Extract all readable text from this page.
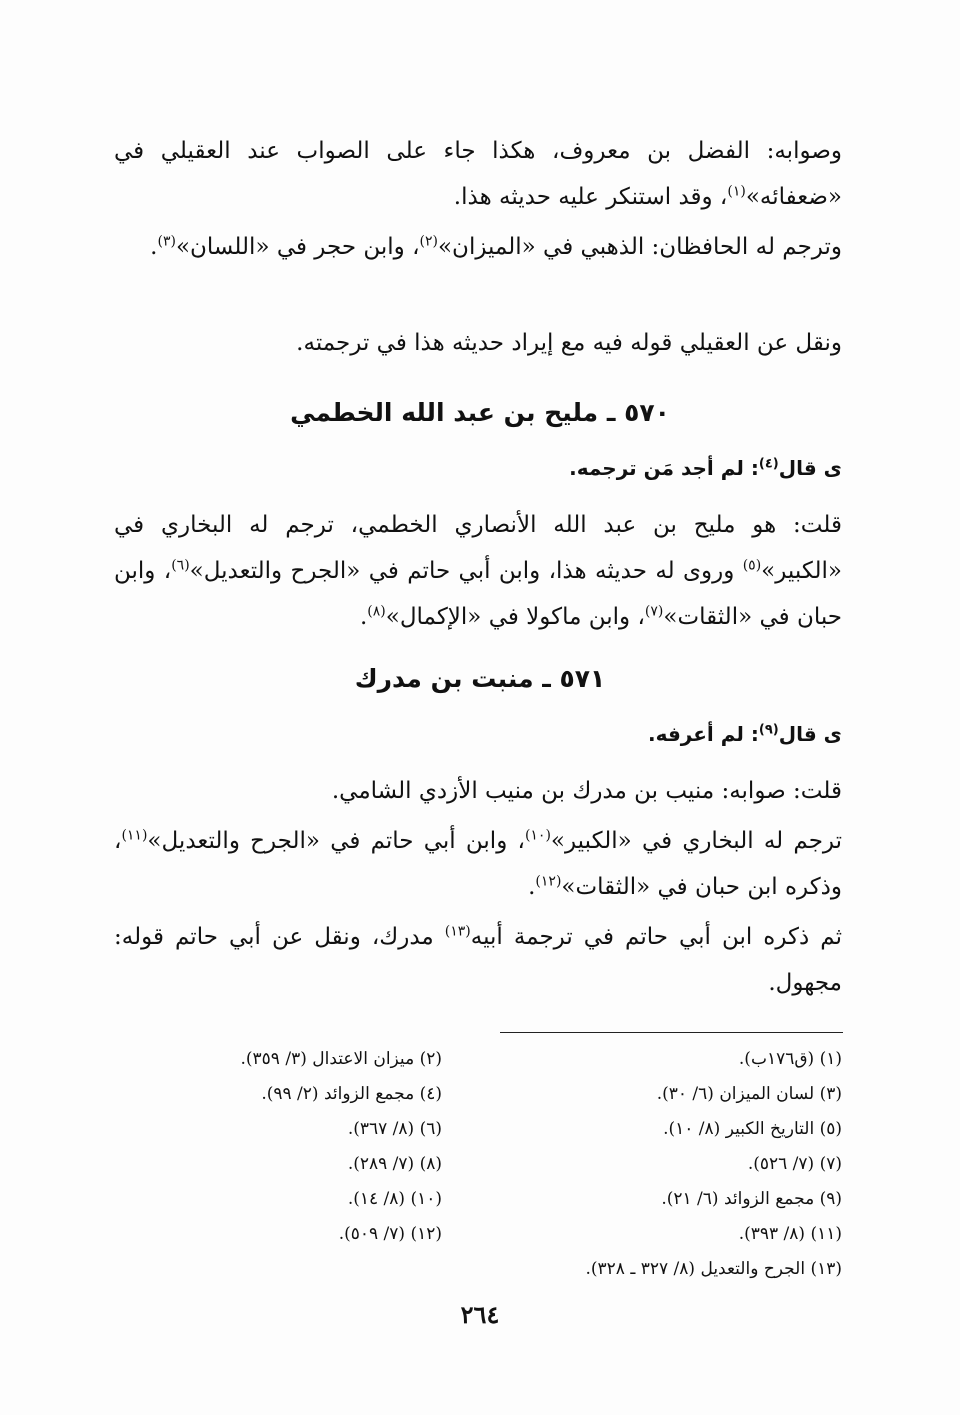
وصوابه: الفضل بن معروف، هكذا جاء على الصواب عند العقيلي في «ضعفائه»$^{(١)}$، وقد استنكر عليه حديثه هذا.
وترجم له الحافظان: الذهبي في «الميزان»$^{(٢)}$، وابن حجر في «اللسان»$^{(٣)}$.
ونقل عن العقيلي قوله فيه مع إيراد حديثه هذا في ترجمته.
٥٧٠ ـ مليح بن عبد الله الخطمي
ى قال$^{(٤)}$: لم أجد مَن ترجمه.
قلت: هو مليح بن عبد الله الأنصاري الخطمي، ترجم له البخاري في «الكبير»$^{(٥)}$ وروى له حديثه هذا، وابن أبي حاتم في «الجرح والتعديل»$^{(٦)}$، وابن حبان في «الثقات»$^{(٧)}$، وابن ماكولا في «الإكمال»$^{(٨)}$.
٥٧١ ـ منبت بن مدرك
ى قال$^{(٩)}$: لم أعرفه.
قلت: صوابه: منيب بن مدرك بن منيب الأزدي الشامي.
ترجم له البخاري في «الكبير»$^{(١٠)}$، وابن أبي حاتم في «الجرح والتعديل»$^{(١١)}$، وذكره ابن حبان في «الثقات»$^{(١٢)}$.
ثم ذكره ابن أبي حاتم في ترجمة أبيه$^{(١٣)}$ مدرك، ونقل عن أبي حاتم قوله: مجهول.
(١) (ق١٧٦ب).
(٣) لسان الميزان (٦/ ٣٠).
(٥) التاريخ الكبير (٨/ ١٠).
(٧) (٧/ ٥٢٦).
(٩) مجمع الزوائد (٦/ ٢١).
(١١) (٨/ ٣٩٣).
(١٣) الجرح والتعديل (٨/ ٣٢٧ ـ ٣٢٨).
(٢) ميزان الاعتدال (٣/ ٣٥٩).
(٤) مجمع الزوائد (٢/ ٩٩).
(٦) (٨/ ٣٦٧).
(٨) (٧/ ٢٨٩).
(١٠) (٨/ ١٤).
(١٢) (٧/ ٥٠٩).
٢٦٤
